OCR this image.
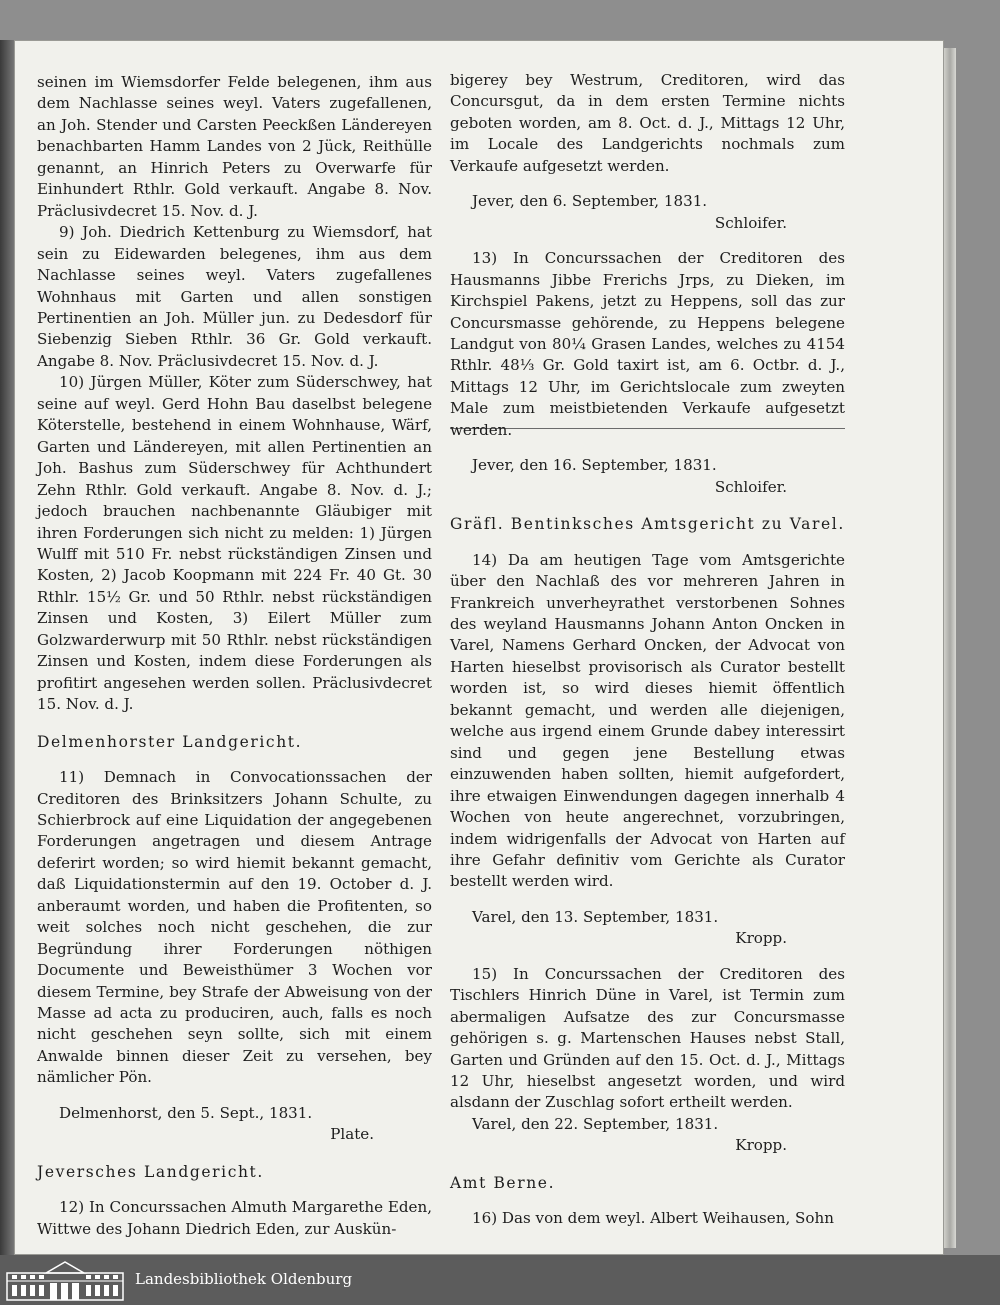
seinen im Wiemsdorfer Felde belegenen, ihm aus dem Nachlasse seines weyl. Vaters zugefallenen, an Joh. Stender und Carsten Peeckßen Ländereyen benachbarten Hamm Landes von 2 Jück, Reithülle genannt, an Hinrich Peters zu Overwarfe für Einhundert Rthlr. Gold verkauft. Angabe 8. Nov. Präclusivdecret 15. Nov. d. J.

9) Joh. Diedrich Kettenburg zu Wiemsdorf, hat sein zu Eidewarden belegenes, ihm aus dem Nachlasse seines weyl. Vaters zugefallenes Wohnhaus mit Garten und allen sonstigen Pertinentien an Joh. Müller jun. zu Dedesdorf für Siebenzig Sieben Rthlr. 36 Gr. Gold verkauft. Angabe 8. Nov. Präclusivdecret 15. Nov. d. J.

10) Jürgen Müller, Köter zum Süderschwey, hat seine auf weyl. Gerd Hohn Bau daselbst belegene Köterstelle, bestehend in einem Wohnhause, Wärf, Garten und Ländereyen, mit allen Pertinentien an Joh. Bashus zum Süderschwey für Achthundert Zehn Rthlr. Gold verkauft. Angabe 8. Nov. d. J.; jedoch brauchen nachbenannte Gläubiger mit ihren Forderungen sich nicht zu melden: 1) Jürgen Wulff mit 510 Fr. nebst rückständigen Zinsen und Kosten, 2) Jacob Koopmann mit 224 Fr. 40 Gt. 30 Rthlr. 15½ Gr. und 50 Rthlr. nebst rückständigen Zinsen und Kosten, 3) Eilert Müller zum Golzwarderwurp mit 50 Rthlr. nebst rückständigen Zinsen und Kosten, indem diese Forderungen als profitirt angesehen werden sollen. Präclusivdecret 15. Nov. d. J.

Delmenhorster Landgericht.

11) Demnach in Convocationssachen der Creditoren des Brinksitzers Johann Schulte, zu Schierbrock auf eine Liquidation der angegebenen Forderungen angetragen und diesem Antrage deferirt worden; so wird hiemit bekannt gemacht, daß Liquidationstermin auf den 19. October d. J. anberaumt worden, und haben die Profitenten, so weit solches noch nicht geschehen, die zur Begründung ihrer Forderungen nöthigen Documente und Beweisthümer 3 Wochen vor diesem Termine, bey Strafe der Abweisung von der Masse ad acta zu produciren, auch, falls es noch nicht geschehen seyn sollte, sich mit einem Anwalde binnen dieser Zeit zu versehen, bey nämlicher Pön.

Delmenhorst, den 5. Sept., 1831.

Plate.

Jeversches Landgericht.

12) In Concurssachen Almuth Margarethe Eden, Wittwe des Johann Diedrich Eden, zur Auskün-

bigerey bey Westrum, Creditoren, wird das Concursgut, da in dem ersten Termine nichts geboten worden, am 8. Oct. d. J., Mittags 12 Uhr, im Locale des Landgerichts nochmals zum Verkaufe aufgesetzt werden.

Jever, den 6. September, 1831.

Schloifer.

13) In Concurssachen der Creditoren des Hausmanns Jibbe Frerichs Jrps, zu Dieken, im Kirchspiel Pakens, jetzt zu Heppens, soll das zur Concursmasse gehörende, zu Heppens belegene Landgut von 80¼ Grasen Landes, welches zu 4154 Rthlr. 48⅓ Gr. Gold taxirt ist, am 6. Octbr. d. J., Mittags 12 Uhr, im Gerichtslocale zum zweyten Male zum meistbietenden Verkaufe aufgesetzt werden.

Jever, den 16. September, 1831.

Schloifer.

Gräfl. Bentinksches Amtsgericht zu Varel.

14) Da am heutigen Tage vom Amtsgerichte über den Nachlaß des vor mehreren Jahren in Frankreich unverheyrathet verstorbenen Sohnes des weyland Hausmanns Johann Anton Oncken in Varel, Namens Gerhard Oncken, der Advocat von Harten hieselbst provisorisch als Curator bestellt worden ist, so wird dieses hiemit öffentlich bekannt gemacht, und werden alle diejenigen, welche aus irgend einem Grunde dabey interessirt sind und gegen jene Bestellung etwas einzuwenden haben sollten, hiemit aufgefordert, ihre etwaigen Einwendungen dagegen innerhalb 4 Wochen von heute angerechnet, vorzubringen, indem widrigenfalls der Advocat von Harten auf ihre Gefahr definitiv vom Gerichte als Curator bestellt werden wird.

Varel, den 13. September, 1831.

Kropp.

15) In Concurssachen der Creditoren des Tischlers Hinrich Düne in Varel, ist Termin zum abermaligen Aufsatze des zur Concursmasse gehörigen s. g. Martenschen Hauses nebst Stall, Garten und Gründen auf den 15. Oct. d. J., Mittags 12 Uhr, hieselbst angesetzt worden, und wird alsdann der Zuschlag sofort ertheilt werden.

Varel, den 22. September, 1831.

Kropp.

Amt Berne.

16) Das von dem weyl. Albert Weihausen, Sohn

Landesbibliothek Oldenburg
